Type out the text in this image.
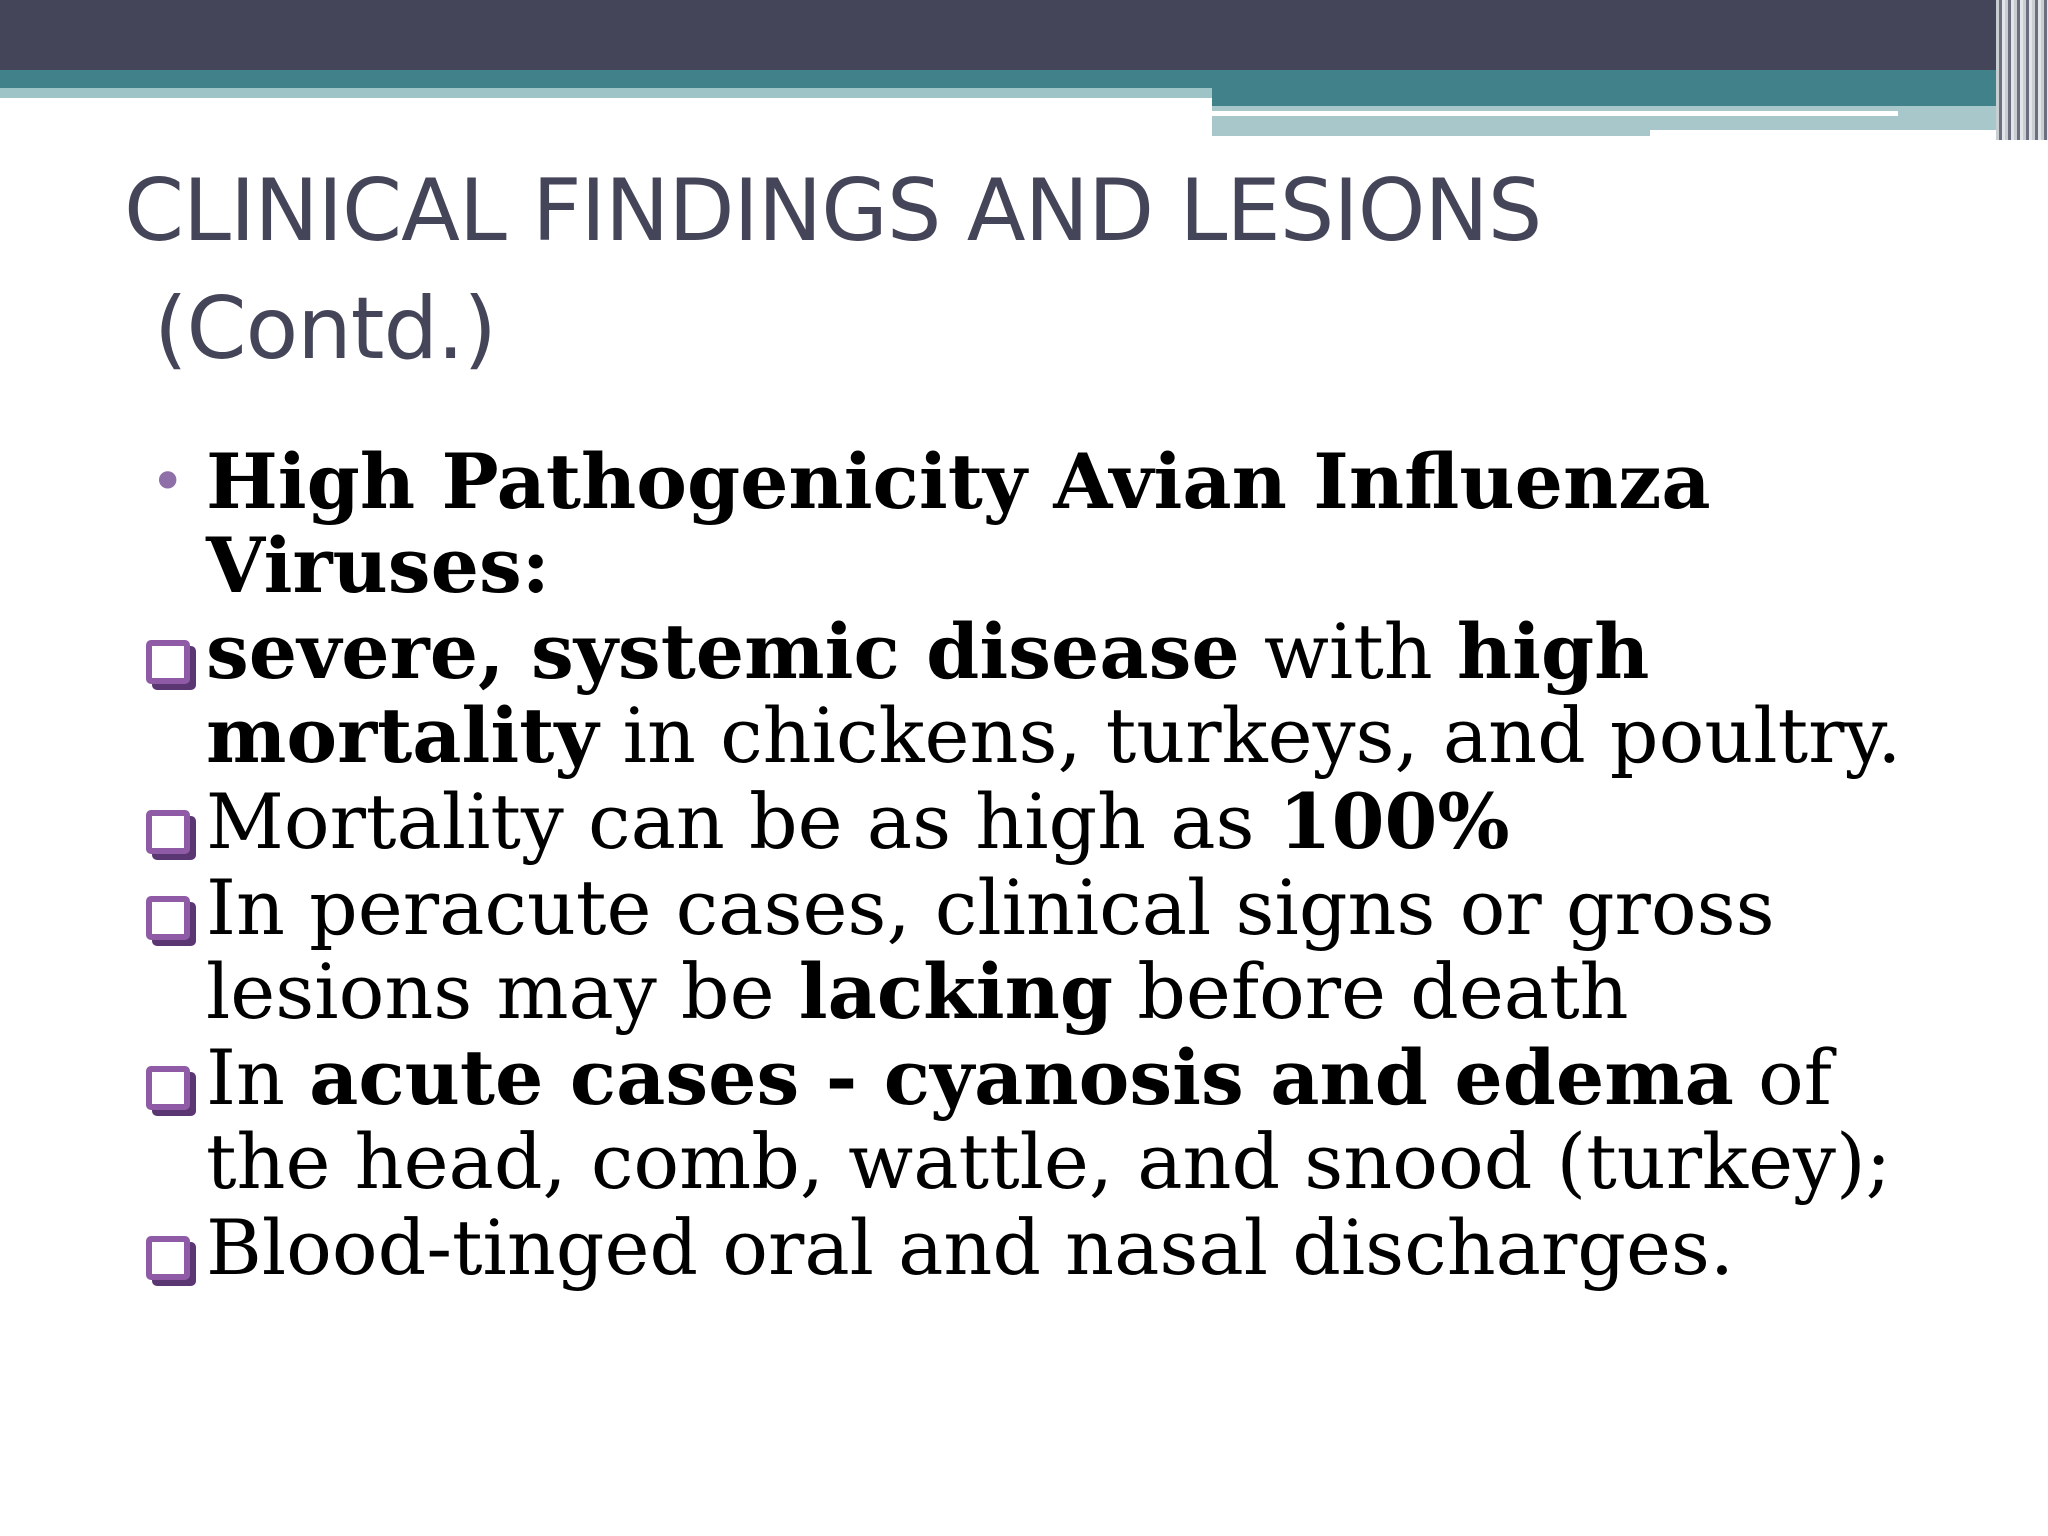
CLINICAL FINDINGS AND LESIONS
(Contd.)
• High Pathogenicity Avian Influenza Viruses:
severe, systemic disease with high mortality in chickens, turkeys, and poultry.
Mortality can be as high as 100%
In peracute cases, clinical signs or gross lesions may be lacking before death
In acute cases - cyanosis and edema of the head, comb, wattle, and snood (turkey);
Blood-tinged oral and nasal discharges.
